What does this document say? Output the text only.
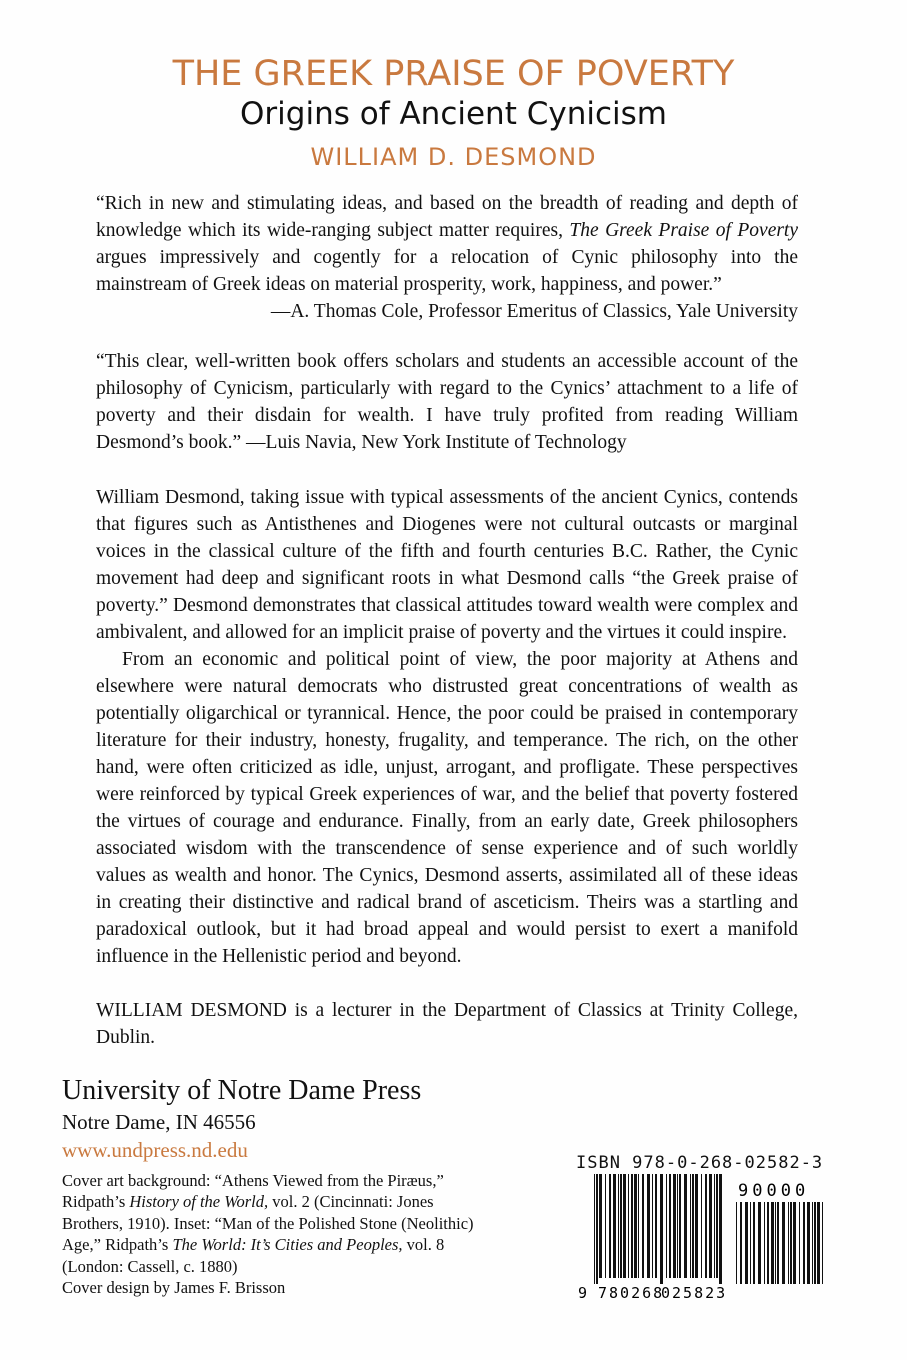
THE GREEK PRAISE OF POVERTY
Origins of Ancient Cynicism
WILLIAM D. DESMOND

“Rich in new and stimulating ideas, and based on the breadth of reading and depth of knowledge which its wide-ranging subject matter requires, The Greek Praise of Poverty argues impressively and cogently for a relocation of Cynic philosophy into the mainstream of Greek ideas on material prosperity, work, happiness, and power.”

—A. Thomas Cole, Professor Emeritus of Classics, Yale University

“This clear, well-written book offers scholars and students an accessible account of the philosophy of Cynicism, particularly with regard to the Cynics’ attachment to a life of poverty and their disdain for wealth. I have truly profited from reading William Desmond’s book.” —Luis Navia, New York Institute of Technology

William Desmond, taking issue with typical assessments of the ancient Cynics, contends that figures such as Antisthenes and Diogenes were not cultural outcasts or marginal voices in the classical culture of the fifth and fourth centuries B.C. Rather, the Cynic movement had deep and significant roots in what Desmond calls “the Greek praise of poverty.” Desmond demonstrates that classical attitudes toward wealth were complex and ambivalent, and allowed for an implicit praise of poverty and the virtues it could inspire.

From an economic and political point of view, the poor majority at Athens and elsewhere were natural democrats who distrusted great concentrations of wealth as potentially oligarchical or tyrannical. Hence, the poor could be praised in contemporary literature for their industry, honesty, frugality, and temperance. The rich, on the other hand, were often criticized as idle, unjust, arrogant, and profligate. These perspectives were reinforced by typical Greek experiences of war, and the belief that poverty fostered the virtues of courage and endurance. Finally, from an early date, Greek philosophers associated wisdom with the transcendence of sense experience and of such worldly values as wealth and honor. The Cynics, Desmond asserts, assimilated all of these ideas in creating their distinctive and radical brand of asceticism. Theirs was a startling and paradoxical outlook, but it had broad appeal and would persist to exert a manifold influence in the Hellenistic period and beyond.

WILLIAM DESMOND is a lecturer in the Department of Classics at Trinity College, Dublin.

University of Notre Dame Press
Notre Dame, IN 46556
www.undpress.nd.edu
Cover art background: “Athens Viewed from the Piræus,” Ridpath’s History of the World, vol. 2 (Cincinnati: Jones Brothers, 1910). Inset: “Man of the Polished Stone (Neolithic) Age,” Ridpath’s The World: It’s Cities and Peoples, vol. 8 (London: Cassell, c. 1880)
Cover design by James F. Brisson
ISBN 978-0-268-02582-3
90000
9 780268
025823
